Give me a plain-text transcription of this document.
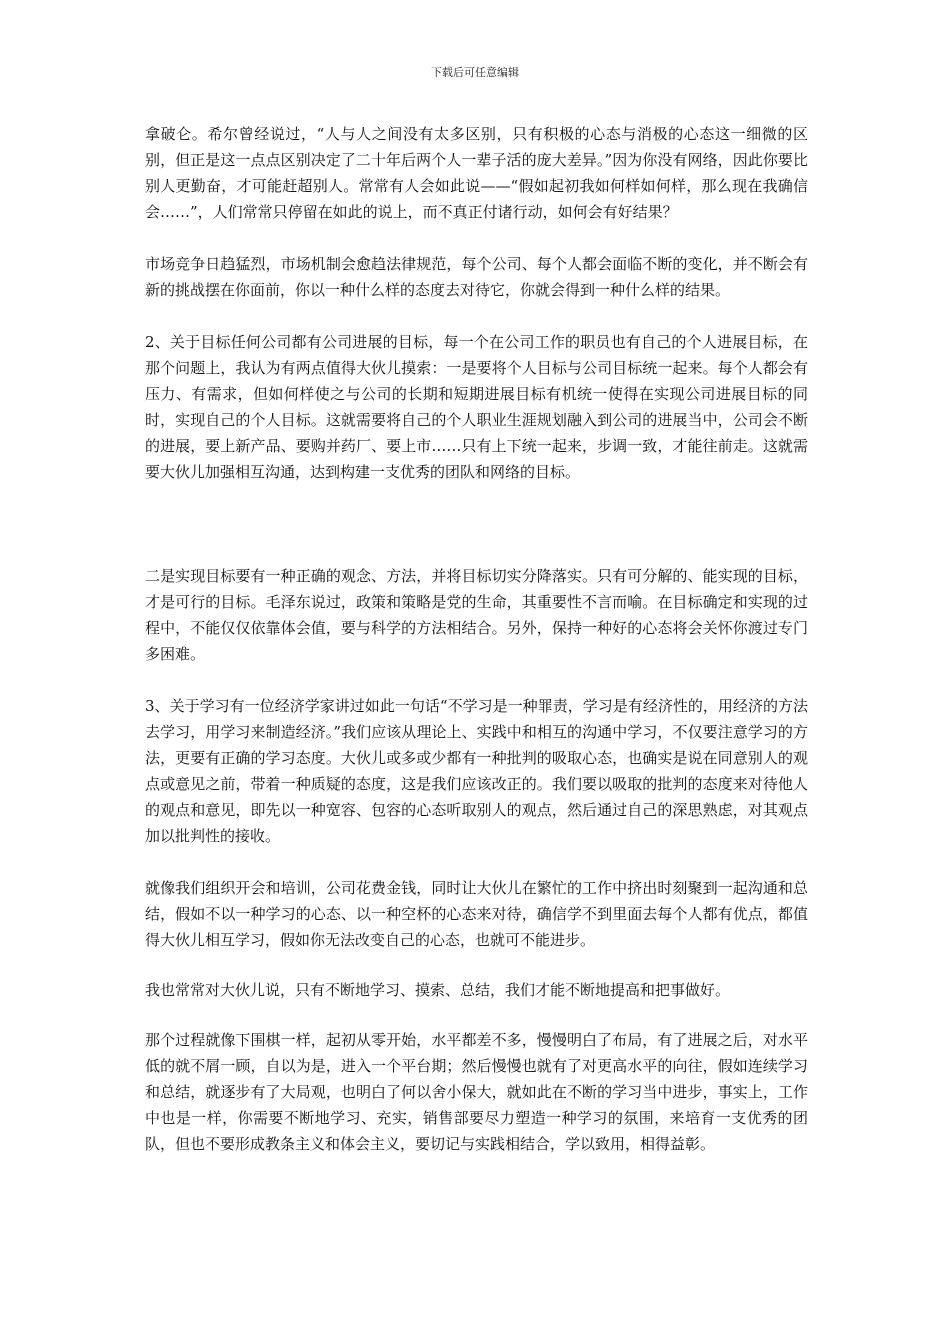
下载后可任意编辑

拿破仑。希尔曾经说过，“人与人之间没有太多区别，只有积极的心态与消极的心态这一细微的区别，但正是这一点点区别决定了二十年后两个人一辈子活的庞大差异。”因为你没有网络，因此你要比别人更勤奋，才可能赶超别人。常常有人会如此说——“假如起初我如何样如何样，那么现在我确信会……”，人们常常只停留在如此的说上，而不真正付诸行动，如何会有好结果？

市场竞争日趋猛烈，市场机制会愈趋法律规范，每个公司、每个人都会面临不断的变化，并不断会有新的挑战摆在你面前，你以一种什么样的态度去对待它，你就会得到一种什么样的结果。

2、关于目标任何公司都有公司进展的目标，每一个在公司工作的职员也有自己的个人进展目标，在那个问题上，我认为有两点值得大伙儿摸索：一是要将个人目标与公司目标统一起来。每个人都会有压力、有需求，但如何样使之与公司的长期和短期进展目标有机统一使得在实现公司进展目标的同时，实现自己的个人目标。这就需要将自己的个人职业生涯规划融入到公司的进展当中，公司会不断的进展，要上新产品、要购并药厂、要上市……只有上下统一起来，步调一致，才能往前走。这就需要大伙儿加强相互沟通，达到构建一支优秀的团队和网络的目标。

二是实现目标要有一种正确的观念、方法，并将目标切实分降落实。只有可分解的、能实现的目标，才是可行的目标。毛泽东说过，政策和策略是党的生命，其重要性不言而喻。在目标确定和实现的过程中，不能仅仅依靠体会值，要与科学的方法相结合。另外，保持一种好的心态将会关怀你渡过专门多困难。

3、关于学习有一位经济学家讲过如此一句话“不学习是一种罪责，学习是有经济性的，用经济的方法去学习，用学习来制造经济。”我们应该从理论上、实践中和相互的沟通中学习，不仅要注意学习的方法，更要有正确的学习态度。大伙儿或多或少都有一种批判的吸取心态，也确实是说在同意别人的观点或意见之前，带着一种质疑的态度，这是我们应该改正的。我们要以吸取的批判的态度来对待他人的观点和意见，即先以一种宽容、包容的心态听取别人的观点，然后通过自己的深思熟虑，对其观点加以批判性的接收。

就像我们组织开会和培训，公司花费金钱，同时让大伙儿在繁忙的工作中挤出时刻聚到一起沟通和总结，假如不以一种学习的心态、以一种空杯的心态来对待，确信学不到里面去每个人都有优点，都值得大伙儿相互学习，假如你无法改变自己的心态，也就可不能进步。

我也常常对大伙儿说，只有不断地学习、摸索、总结，我们才能不断地提高和把事做好。

那个过程就像下围棋一样，起初从零开始，水平都差不多，慢慢明白了布局，有了进展之后，对水平低的就不屑一顾，自以为是，进入一个平台期；然后慢慢也就有了对更高水平的向往，假如连续学习和总结，就逐步有了大局观，也明白了何以舍小保大，就如此在不断的学习当中进步，事实上，工作中也是一样，你需要不断地学习、充实，销售部要尽力塑造一种学习的氛围，来培育一支优秀的团队，但也不要形成教条主义和体会主义，要切记与实践相结合，学以致用，相得益彰。
